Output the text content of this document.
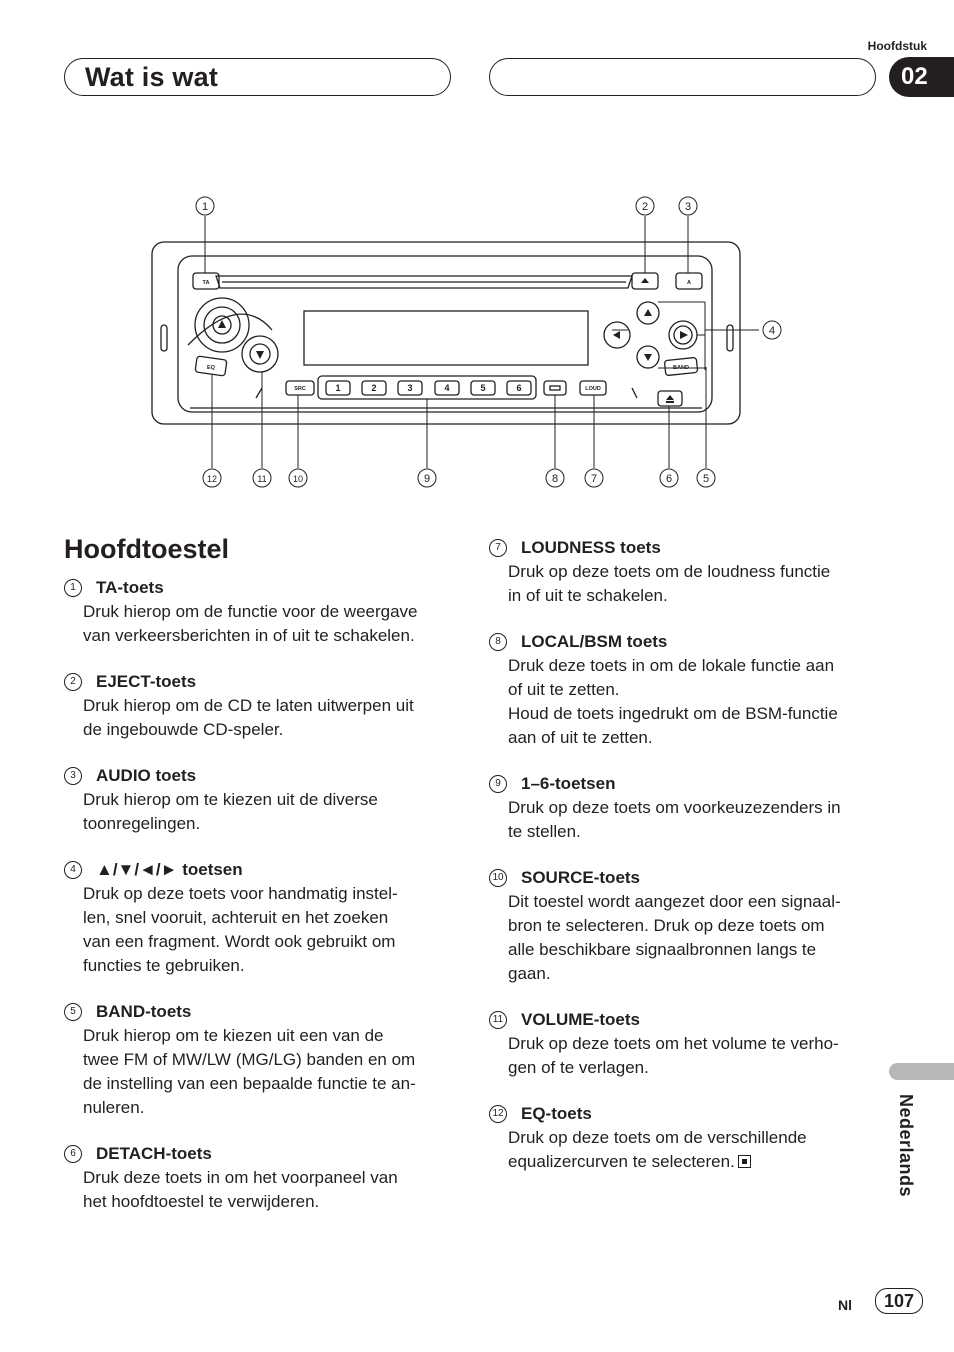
Wat is wat
Hoofdstuk
02
TA	A
EQ	BAND
SRC	LOUD
1	2	3	4	5	6
1	2	3
4
5
6
7
8
9
10
11
12
Hoofdtoestel
1	TA-toets
Druk hierop om de functie voor de weergave
van verkeersberichten in of uit te schakelen.
2	EJECT-toets
Druk hierop om de CD te laten uitwerpen uit
de ingebouwde CD-speler.
3	AUDIO toets
Druk hierop om te kiezen uit de diverse
toonregelingen.
4	▲/▼/◄/► toetsen
Druk op deze toets voor handmatig instel-
len, snel vooruit, achteruit en het zoeken
van een fragment. Wordt ook gebruikt om
functies te gebruiken.
5	BAND-toets
Druk hierop om te kiezen uit een van de
twee FM of MW/LW (MG/LG) banden en om
de instelling van een bepaalde functie te an-
nuleren.
6	DETACH-toets
Druk deze toets in om het voorpaneel van
het hoofdtoestel te verwijderen.
7	LOUDNESS toets
Druk op deze toets om de loudness functie
in of uit te schakelen.
8	LOCAL/BSM toets
Druk deze toets in om de lokale functie aan
of uit te zetten.
Houd de toets ingedrukt om de BSM-functie
aan of uit te zetten.
9	1–6-toetsen
Druk op deze toets om voorkeuzezenders in
te stellen.
10 SOURCE-toets
Dit toestel wordt aangezet door een signaal-
bron te selecteren. Druk op deze toets om
alle beschikbare signaalbronnen langs te
gaan.
11 VOLUME-toets
Druk op deze toets om het volume te verho-
gen of te verlagen.
12 EQ-toets
Druk op deze toets om de verschillende
equalizercurven te selecteren.	Nederlands
Nl	107
